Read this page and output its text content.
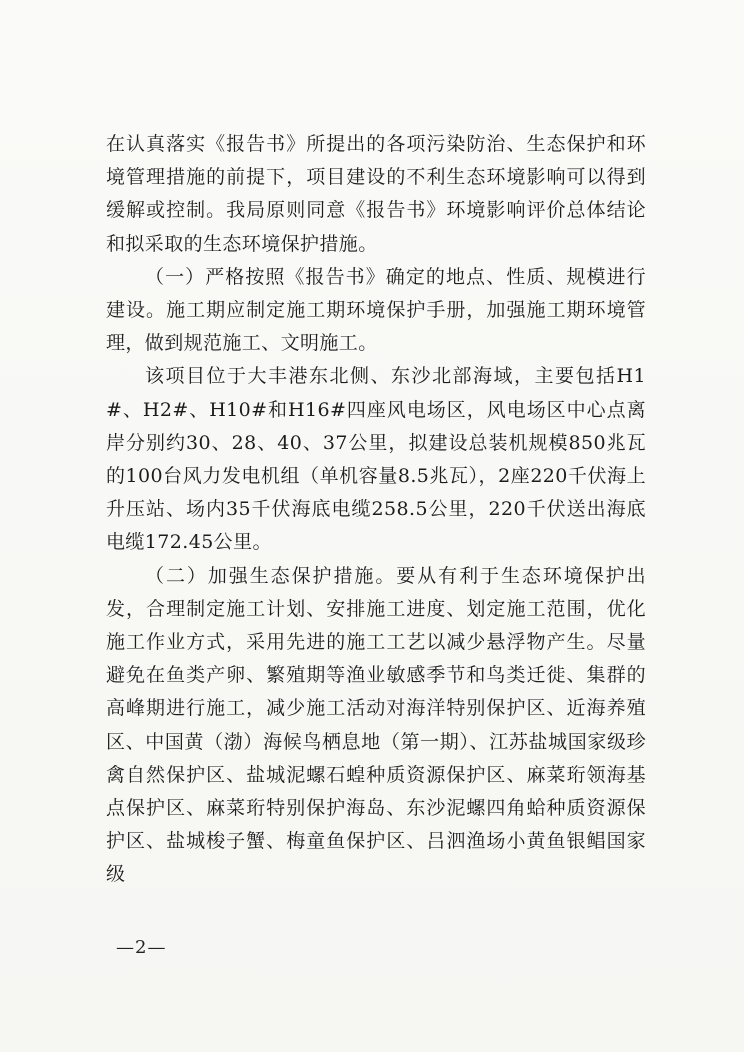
在认真落实《报告书》所提出的各项污染防治、生态保护和环境管理措施的前提下，项目建设的不利生态环境影响可以得到缓解或控制。我局原则同意《报告书》环境影响评价总体结论和拟采取的生态环境保护措施。

（一）严格按照《报告书》确定的地点、性质、规模进行建设。施工期应制定施工期环境保护手册，加强施工期环境管理，做到规范施工、文明施工。

该项目位于大丰港东北侧、东沙北部海域，主要包括H1#、H2#、H10#和H16#四座风电场区，风电场区中心点离岸分别约30、28、40、37公里，拟建设总装机规模850兆瓦的100台风力发电机组（单机容量8.5兆瓦），2座220千伏海上升压站、场内35千伏海底电缆258.5公里，220千伏送出海底电缆172.45公里。

（二）加强生态保护措施。要从有利于生态环境保护出发，合理制定施工计划、安排施工进度、划定施工范围，优化施工作业方式，采用先进的施工工艺以减少悬浮物产生。尽量避免在鱼类产卵、繁殖期等渔业敏感季节和鸟类迁徙、集群的高峰期进行施工，减少施工活动对海洋特别保护区、近海养殖区、中国黄（渤）海候鸟栖息地（第一期）、江苏盐城国家级珍禽自然保护区、盐城泥螺石蝗种质资源保护区、麻菜珩领海基点保护区、麻菜珩特别保护海岛、东沙泥螺四角蛤种质资源保护区、盐城梭子蟹、梅童鱼保护区、吕泗渔场小黄鱼银鲳国家级

—2—
